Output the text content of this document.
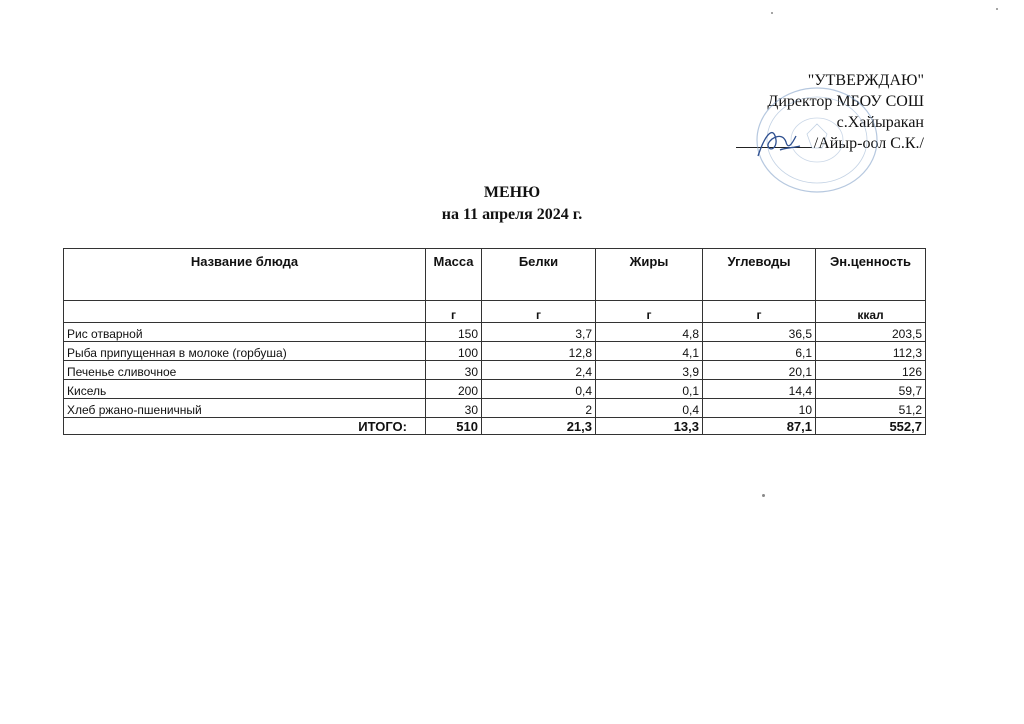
"УТВЕРЖДАЮ"
Директор МБОУ СОШ
с.Хайыракан
/Айыр-оол С.К./
МЕНЮ
на 11 апреля 2024 г.
Название блюда	Масса	Белки	Жиры	Углеводы	Эн.ценность
	г	г	г	г	ккал
Рис отварной	150	3,7	4,8	36,5	203,5
Рыба припущенная в молоке (горбуша)	100	12,8	4,1	6,1	112,3
Печенье сливочное	30	2,4	3,9	20,1	126
Кисель	200	0,4	0,1	14,4	59,7
Хлеб ржано-пшеничный	30	2	0,4	10	51,2
ИТОГО:	510	21,3	13,3	87,1	552,7
